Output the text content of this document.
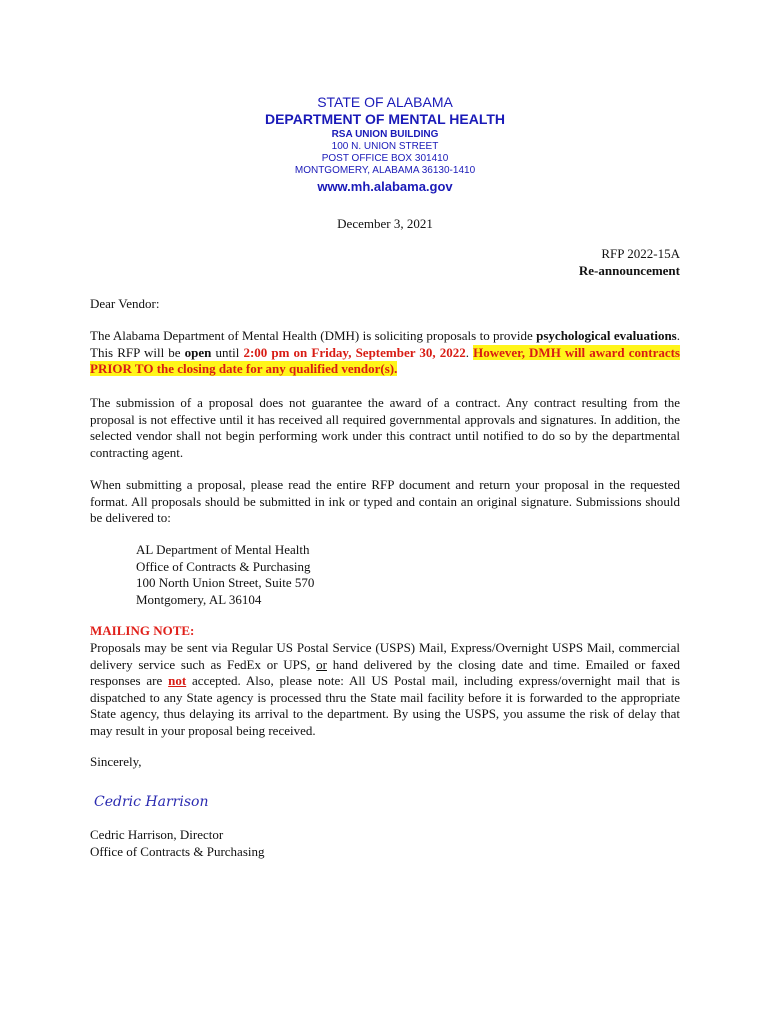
STATE OF ALABAMA
DEPARTMENT OF MENTAL HEALTH
RSA UNION BUILDING
100 N. UNION STREET
POST OFFICE BOX 301410
MONTGOMERY, ALABAMA 36130-1410
www.mh.alabama.gov
December 3, 2021
RFP 2022-15A
Re-announcement
Dear Vendor:
The Alabama Department of Mental Health (DMH) is soliciting proposals to provide psychological evaluations. This RFP will be open until 2:00 pm on Friday, September 30, 2022. However, DMH will award contracts PRIOR TO the closing date for any qualified vendor(s).
The submission of a proposal does not guarantee the award of a contract. Any contract resulting from the proposal is not effective until it has received all required governmental approvals and signatures. In addition, the selected vendor shall not begin performing work under this contract until notified to do so by the departmental contracting agent.
When submitting a proposal, please read the entire RFP document and return your proposal in the requested format. All proposals should be submitted in ink or typed and contain an original signature. Submissions should be delivered to:
AL Department of Mental Health
Office of Contracts & Purchasing
100 North Union Street, Suite 570
Montgomery, AL 36104
MAILING NOTE:
Proposals may be sent via Regular US Postal Service (USPS) Mail, Express/Overnight USPS Mail, commercial delivery service such as FedEx or UPS, or hand delivered by the closing date and time. Emailed or faxed responses are not accepted. Also, please note: All US Postal mail, including express/overnight mail that is dispatched to any State agency is processed thru the State mail facility before it is forwarded to the appropriate State agency, thus delaying its arrival to the department. By using the USPS, you assume the risk of delay that may result in your proposal being received.
Sincerely,
Cedric Harrison
Cedric Harrison, Director
Office of Contracts & Purchasing
